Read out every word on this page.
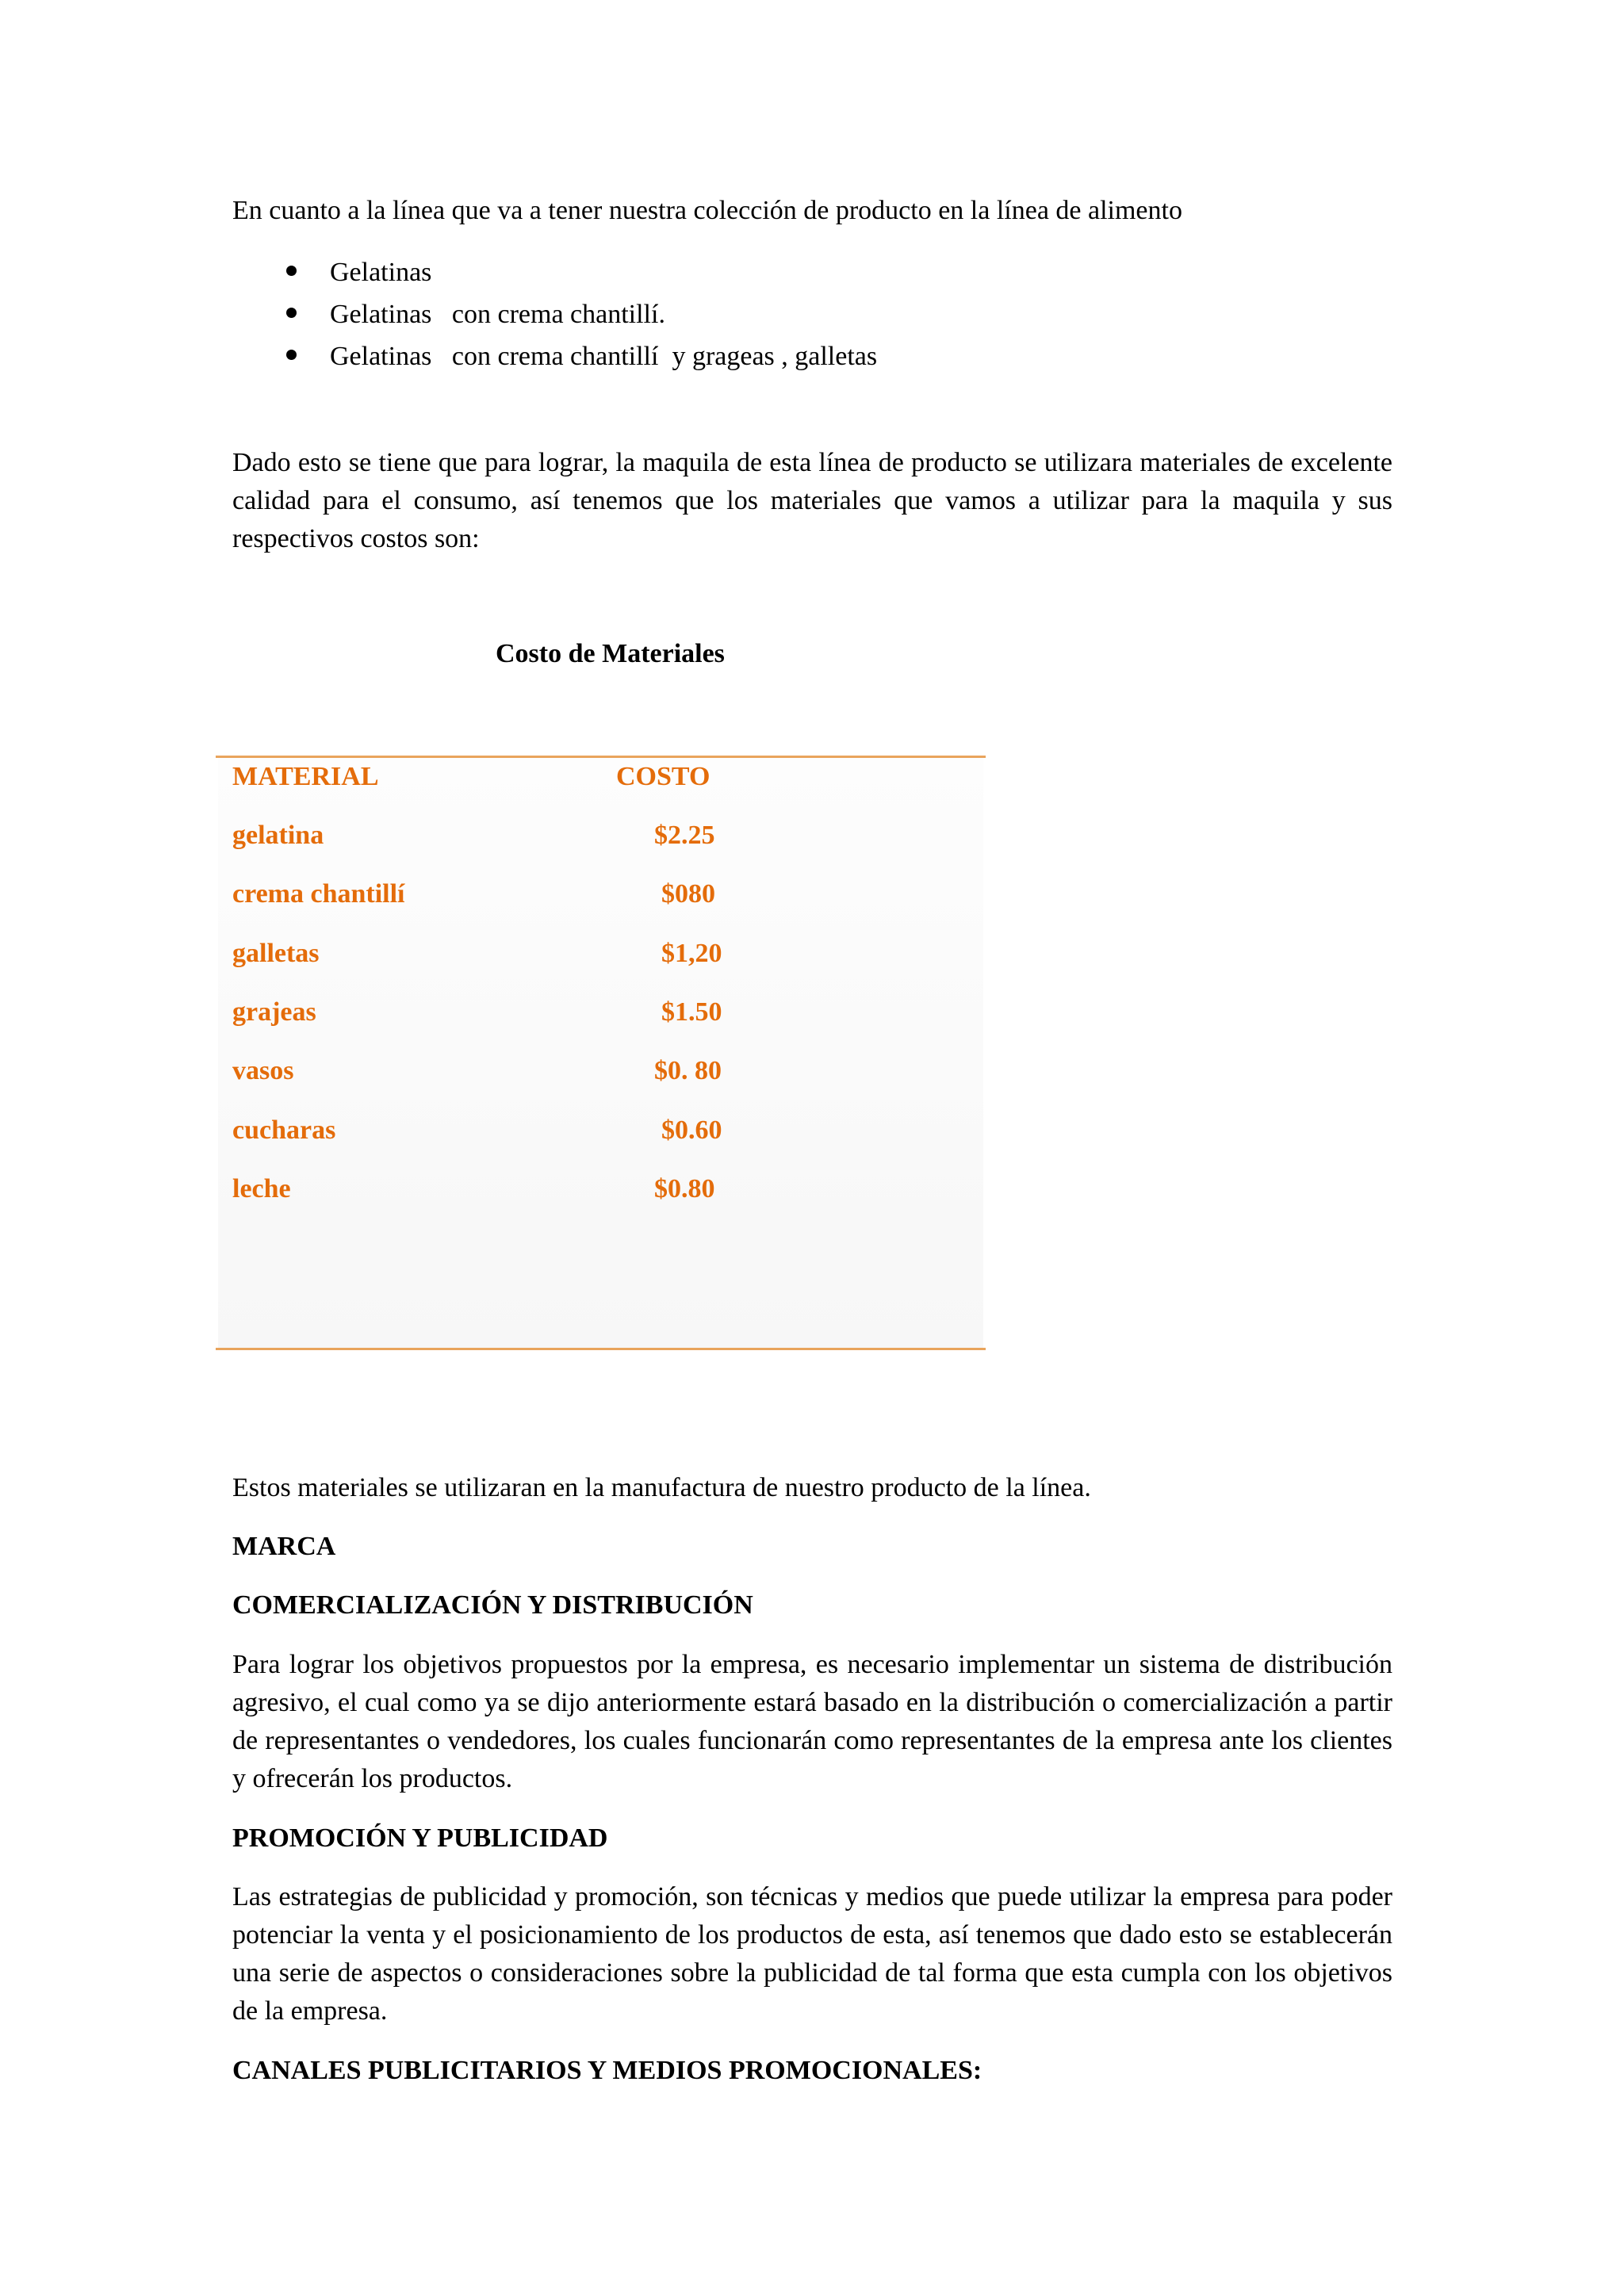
En cuanto a la línea que va a tener nuestra colección de producto en la línea de alimento
Gelatinas
Gelatinas   con crema chantillí.
Gelatinas   con crema chantillí  y grageas , galletas
Dado esto se tiene que para lograr, la maquila de esta línea de producto se utilizara materiales de excelente calidad para el consumo, así tenemos que los materiales que vamos a utilizar para la maquila y sus respectivos costos son:
Costo de Materiales
MATERIAL	COSTO
gelatina	$2.25
crema chantillí	$080
galletas	$1,20
grajeas	$1.50
vasos	$0. 80
cucharas	$0.60
leche	$0.80
Estos materiales se utilizaran en la manufactura de nuestro producto de la línea.
MARCA
COMERCIALIZACIÓN Y DISTRIBUCIÓN
Para lograr los objetivos propuestos por la empresa, es necesario implementar un sistema de distribución agresivo, el cual como ya se dijo anteriormente estará basado en la distribución o comercialización a partir de representantes o vendedores, los cuales funcionarán como representantes de la empresa ante los clientes y ofrecerán los productos.
PROMOCIÓN Y PUBLICIDAD
Las estrategias de publicidad y promoción, son técnicas y medios que puede utilizar la empresa para poder potenciar la venta y el posicionamiento de los productos de esta, así tenemos que dado esto se establecerán una serie de aspectos o consideraciones sobre la publicidad de tal forma que esta cumpla con los objetivos de la empresa.
CANALES PUBLICITARIOS Y MEDIOS PROMOCIONALES:
